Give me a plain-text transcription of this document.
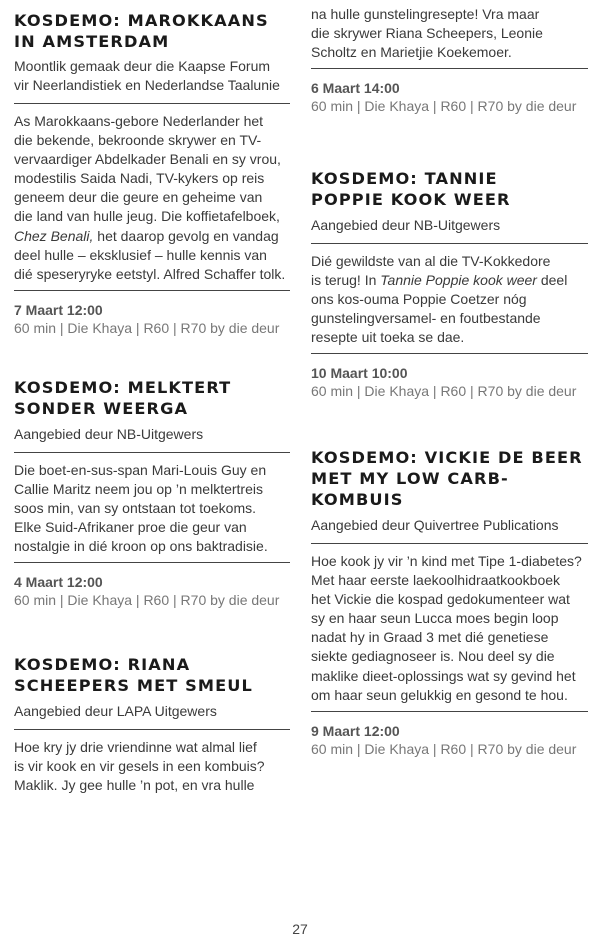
KOSDEMO: MAROKKAANS
IN AMSTERDAM
Moontlik gemaak deur die Kaapse Forum
vir Neerlandistiek en Nederlandse Taalunie
As Marokkaans-gebore Nederlander het
die bekende, bekroonde skrywer en TV-
vervaardiger Abdelkader Benali en sy vrou,
modestilis Saida Nadi, TV-kykers op reis
geneem deur die geure en geheime van
die land van hulle jeug. Die koffietafelboek,
Chez Benali, het daarop gevolg en vandag
deel hulle – eksklusief – hulle kennis van
dié speseryryke eetstyl. Alfred Schaffer tolk.
7 Maart 12:00
60 min | Die Khaya | R60 | R70 by die deur
KOSDEMO: MELKTERT
SONDER WEERGA
Aangebied deur NB-Uitgewers
Die boet-en-sus-span Mari-Louis Guy en
Callie Maritz neem jou op ’n melktertreis
soos min, van sy ontstaan tot toekoms.
Elke Suid-Afrikaner proe die geur van
nostalgie in dié kroon op ons baktradisie.
4 Maart 12:00
60 min | Die Khaya | R60 | R70 by die deur
KOSDEMO: RIANA
SCHEEPERS MET SMEUL
Aangebied deur LAPA Uitgewers
Hoe kry jy drie vriendinne wat almal lief
is vir kook en vir gesels in een kombuis?
Maklik. Jy gee hulle ’n pot, en vra hulle
na hulle gunstelingresepte! Vra maar
die skrywer Riana Scheepers, Leonie
Scholtz en Marietjie Koekemoer.
6 Maart 14:00
60 min | Die Khaya | R60 | R70 by die deur
KOSDEMO: TANNIE
POPPIE KOOK WEER
Aangebied deur NB-Uitgewers
Dié gewildste van al die TV-Kokkedore
is terug! In Tannie Poppie kook weer deel
ons kos-ouma Poppie Coetzer nóg
gunstelingversamel- en foutbestande
resepte uit toeka se dae.
10 Maart 10:00
60 min | Die Khaya | R60 | R70 by die deur
KOSDEMO: VICKIE DE BEER
MET MY LOW CARB-KOMBUIS
Aangebied deur Quivertree Publications
Hoe kook jy vir ’n kind met Tipe 1-diabetes?
Met haar eerste laekoolhidraatkookboek
het Vickie die kospad gedokumenteer wat
sy en haar seun Lucca moes begin loop
nadat hy in Graad 3 met dié genetiese
siekte gediagnoseer is. Nou deel sy die
maklike dieet-oplossings wat sy gevind het
om haar seun gelukkig en gesond te hou.
9 Maart 12:00
60 min | Die Khaya | R60 | R70 by die deur
27
